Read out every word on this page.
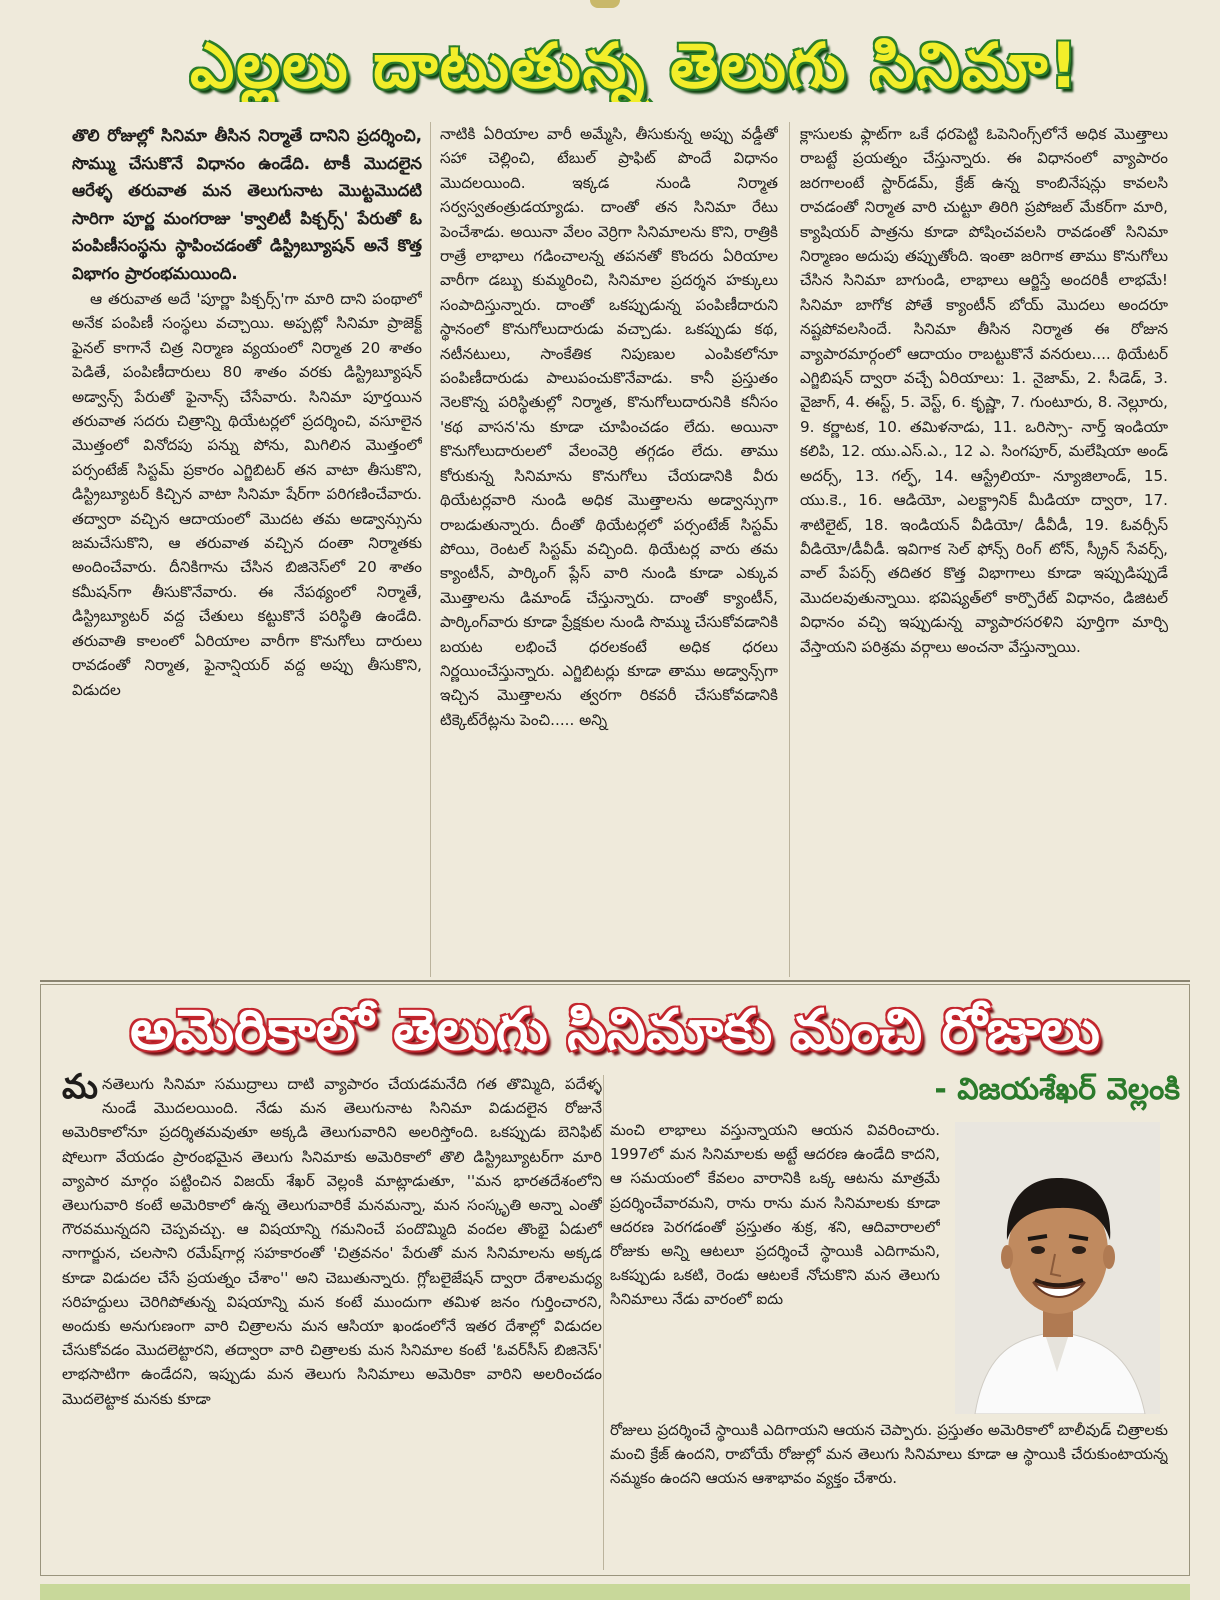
ఎల్లలు దాటుతున్న తెలుగు సినిమా!

తొలి రోజుల్లో సినిమా తీసిన నిర్మాతే దానిని ప్రదర్శించి, సొమ్ము చేసుకొనే విధానం ఉండేది. టాకీ మొదలైన ఆరేళ్ళ తరువాత మన తెలుగునాట మొట్టమొదటి సారిగా పూర్ణ మంగరాజు 'క్వాలిటీ పిక్చర్స్' పేరుతో ఓ పంపిణీసంస్థను స్థాపించడంతో డిస్ట్రిబ్యూషన్ అనే కొత్త విభాగం ప్రారంభమయింది.

ఆ తరువాత అదే 'పూర్ణా పిక్చర్స్'గా మారి దాని పంథాలో అనేక పంపిణీ సంస్థలు వచ్చాయి. అప్పట్లో సినిమా ప్రాజెక్ట్ ఫైనల్ కాగానే చిత్ర నిర్మాణ వ్యయంలో నిర్మాత 20 శాతం పెడితే, పంపిణీదారులు 80 శాతం వరకు డిస్ట్రిబ్యూషన్ అడ్వాన్స్ పేరుతో ఫైనాన్స్ చేసేవారు. సినిమా పూర్తయిన తరువాత సదరు చిత్రాన్ని థియేటర్లలో ప్రదర్శించి, వసూలైన మొత్తంలో వినోదపు పన్ను పోను, మిగిలిన మొత్తంలో పర్సంటేజ్ సిస్టమ్ ప్రకారం ఎగ్జిబిటర్ తన వాటా తీసుకొని, డిస్ట్రిబ్యూటర్ కిచ్చిన వాటా సినిమా షేర్‌గా పరిగణించేవారు. తద్వారా వచ్చిన ఆదాయంలో మొదట తమ అడ్వాన్సును జమచేసుకొని, ఆ తరువాత వచ్చిన దంతా నిర్మాతకు అందించేవారు. దీనికిగాను చేసిన బిజినెస్‌లో 20 శాతం కమీషన్‌గా తీసుకొనేవారు. ఈ నేపథ్యంలో నిర్మాతే, డిస్ట్రిబ్యూటర్ వద్ద చేతులు కట్టుకొనే పరిస్థితి ఉండేది. తరువాతి కాలంలో ఏరియాల వారీగా కొనుగోలు దారులు రావడంతో నిర్మాత, ఫైనాన్షియర్ వద్ద అప్పు తీసుకొని, విడుదల

నాటికి ఏరియాల వారీ అమ్మేసి, తీసుకున్న అప్పు వడ్డీతో సహా చెల్లించి, టేబుల్ ప్రాఫిట్ పొందే విధానం మొదలయింది. ఇక్కడ నుండి నిర్మాత సర్వస్వతంత్రుడయ్యాడు. దాంతో తన సినిమా రేటు పెంచేశాడు. అయినా వేలం వెర్రిగా సినిమాలను కొని, రాత్రికి రాత్రే లాభాలు గడించాలన్న తపనతో కొందరు ఏరియాల వారీగా డబ్బు కుమ్మరించి, సినిమాల ప్రదర్శన హక్కులు సంపాదిస్తున్నారు. దాంతో ఒకప్పుడున్న పంపిణీదారుని స్థానంలో కొనుగోలుదారుడు వచ్చాడు. ఒకప్పుడు కథ, నటీనటులు, సాంకేతిక నిపుణుల ఎంపికలోనూ పంపిణీదారుడు పాలుపంచుకొనేవాడు. కానీ ప్రస్తుతం నెలకొన్న పరిస్థితుల్లో నిర్మాత, కొనుగోలుదారునికి కనీసం 'కథ వాసన'ను కూడా చూపించడం లేదు. అయినా కొనుగోలుదారులలో వేలంవెర్రి తగ్గడం లేదు. తాము కోరుకున్న సినిమాను కొనుగోలు చేయడానికి వీరు థియేటర్లవారి నుండి అధిక మొత్తాలను అడ్వాన్సుగా రాబడుతున్నారు. దీంతో థియేటర్లలో పర్సంటేజ్ సిస్టమ్ పోయి, రెంటల్ సిస్టమ్ వచ్చింది. థియేటర్ల వారు తమ క్యాంటీన్, పార్కింగ్ ప్లేస్ వారి నుండి కూడా ఎక్కువ మొత్తాలను డిమాండ్ చేస్తున్నారు. దాంతో క్యాంటీన్, పార్కింగ్‌వారు కూడా ప్రేక్షకుల నుండి సొమ్ము చేసుకోవడానికి బయట లభించే ధరలకంటే అధిక ధరలు నిర్ణయించేస్తున్నారు. ఎగ్జిబిటర్లు కూడా తాము అడ్వాన్స్‌గా ఇచ్చిన మొత్తాలను త్వరగా రికవరీ చేసుకోవడానికి టిక్కెట్‌రేట్లను పెంచి..... అన్ని

క్లాసులకు ఫ్లాట్‌గా ఒకే ధరపెట్టి ఓపెనింగ్స్‌లోనే అధిక మొత్తాలు రాబట్టే ప్రయత్నం చేస్తున్నారు. ఈ విధానంలో వ్యాపారం జరగాలంటే స్టార్‌డమ్, క్రేజ్ ఉన్న కాంబినేషన్లు కావలసి రావడంతో నిర్మాత వారి చుట్టూ తిరిగి ప్రపోజల్ మేకర్‌గా మారి, క్యాషియర్ పాత్రను కూడా పోషించవలసి రావడంతో సినిమా నిర్మాణం అదుపు తప్పుతోంది. ఇంతా జరిగాక తాము కొనుగోలు చేసిన సినిమా బాగుండి, లాభాలు ఆర్జిస్తే అందరికీ లాభమే! సినిమా బాగోక పోతే క్యాంటీన్ బోయ్ మొదలు అందరూ నష్టపోవలసిందే. సినిమా తీసిన నిర్మాత ఈ రోజున వ్యాపారమార్గంలో ఆదాయం రాబట్టుకొనే వనరులు.... థియేటర్ ఎగ్జిబిషన్ ద్వారా వచ్చే ఏరియాలు: 1. నైజామ్, 2. సీడెడ్, 3. వైజాగ్, 4. ఈస్ట్, 5. వెస్ట్, 6. కృష్ణా, 7. గుంటూరు, 8. నెల్లూరు, 9. కర్ణాటక, 10. తమిళనాడు, 11. ఒరిస్సా- నార్త్ ఇండియా కలిపి, 12. యు.ఎస్.ఎ., 12 ఎ. సింగపూర్, మలేషియా అండ్ అదర్స్, 13. గల్ఫ్, 14. ఆస్ట్రేలియా- న్యూజిలాండ్, 15. యు.కె., 16. ఆడియో, ఎలక్ట్రానిక్ మీడియా ద్వారా, 17. శాటిలైట్, 18. ఇండియన్ వీడియో/ డీవీడీ, 19. ఓవర్సీస్ వీడియో/డీవీడీ. ఇవిగాక సెల్ ఫోన్స్ రింగ్ టోన్, స్క్రీన్ సేవర్స్, వాల్ పేపర్స్ తదితర కొత్త విభాగాలు కూడా ఇప్పుడిప్పుడే మొదలవుతున్నాయి. భవిష్యత్‌లో కార్పొరేట్ విధానం, డిజిటల్ విధానం వచ్చి ఇప్పుడున్న వ్యాపారసరళిని పూర్తిగా మార్చి వేస్తాయని పరిశ్రమ వర్గాలు అంచనా వేస్తున్నాయి.

అమెరికాలో తెలుగు సినిమాకు మంచి రోజులు
- విజయశేఖర్ వెల్లంకి
మనతెలుగు సినిమా సముద్రాలు దాటి వ్యాపారం చేయడమనేది గత తొమ్మిది, పదేళ్ళ నుండే మొదలయింది. నేడు మన తెలుగునాట సినిమా విడుదలైన రోజునే అమెరికాలోనూ ప్రదర్శితమవుతూ అక్కడి తెలుగువారిని అలరిస్తోంది. ఒకప్పుడు బెనిఫిట్ షోలుగా వేయడం ప్రారంభమైన తెలుగు సినిమాకు అమెరికాలో తొలి డిస్ట్రిబ్యూటర్‌గా మారి వ్యాపార మార్గం పట్టించిన విజయ్ శేఖర్ వెల్లంకి మాట్లాడుతూ, ''మన భారతదేశంలోని తెలుగువారి కంటే అమెరికాలో ఉన్న తెలుగువారికే మనమన్నా, మన సంస్కృతి అన్నా ఎంతో గౌరవమున్నదని చెప్పవచ్చు. ఆ విషయాన్ని గమనించే పందొమ్మిది వందల తొంభై ఏడులో నాగార్జున, చలసాని రమేష్‌గార్ల సహకారంతో 'చిత్రవనం' పేరుతో మన సినిమాలను అక్కడ కూడా విడుదల చేసే ప్రయత్నం చేశాం'' అని చెబుతున్నారు. గ్లోబలైజేషన్ ద్వారా దేశాలమధ్య సరిహద్దులు చెరిగిపోతున్న విషయాన్ని మన కంటే ముందుగా తమిళ జనం గుర్తించారని, అందుకు అనుగుణంగా వారి చిత్రాలను మన ఆసియా ఖండంలోనే ఇతర దేశాల్లో విడుదల చేసుకోవడం మొదలెట్టారని, తద్వారా వారి చిత్రాలకు మన సినిమాల కంటే 'ఓవర్‌సీస్ బిజినెస్' లాభసాటిగా ఉండేదని, ఇప్పుడు మన తెలుగు సినిమాలు అమెరికా వారిని అలరించడం మొదలెట్టాక మనకు కూడా

మంచి లాభాలు వస్తున్నాయని ఆయన వివరించారు. 1997లో మన సినిమాలకు అట్టే ఆదరణ ఉండేది కాదని, ఆ సమయంలో కేవలం వారానికి ఒక్క ఆటను మాత్రమే ప్రదర్శించేవారమని, రాను రాను మన సినిమాలకు కూడా ఆదరణ పెరగడంతో ప్రస్తుతం శుక్ర, శని, ఆదివారాలలో రోజుకు అన్ని ఆటలూ ప్రదర్శించే స్థాయికి ఎదిగామని, ఒకప్పుడు ఒకటి, రెండు ఆటలకే నోచుకొని మన తెలుగు సినిమాలు నేడు వారంలో ఐదు

రోజులు ప్రదర్శించే స్థాయికి ఎదిగాయని ఆయన చెప్పారు. ప్రస్తుతం అమెరికాలో బాలీవుడ్ చిత్రాలకు మంచి క్రేజ్ ఉందని, రాబోయే రోజుల్లో మన తెలుగు సినిమాలు కూడా ఆ స్థాయికి చేరుకుంటాయన్న నమ్మకం ఉందని ఆయన ఆశాభావం వ్యక్తం చేశారు.
